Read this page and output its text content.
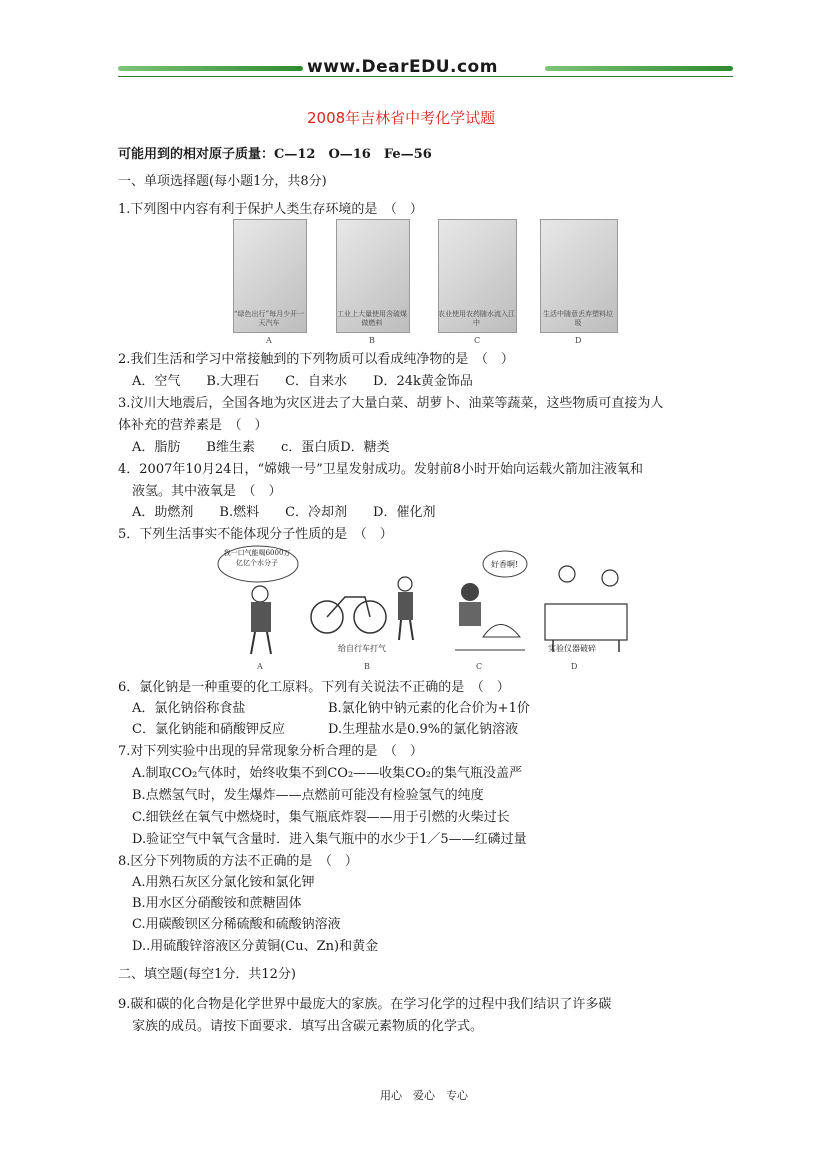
www.DearEDU.com
2008年吉林省中考化学试题
可能用到的相对原子质量：C—12　O—16　Fe—56
一、单项选择题(每小题1分，共8分)
1.下列图中内容有利于保护人类生存环境的是　（　）
“绿色出行”每月少开一天汽车
工业上大量使用含硫煤做燃料
农业使用农药随水流入江中
生活中随意丢弃塑料垃圾
A	B	C	D
2.我们生活和学习中常接触到的下列物质可以看成纯净物的是　（　）
A．空气　　B.大理石　　C．自来水　　D．24k黄金饰品
3.汶川大地震后，全国各地为灾区进去了大量白菜、胡萝卜、油菜等蔬菜，这些物质可直接为人
体补充的营养素是　（　）
A．脂肪　　B维生素　　c．蛋白质D．糖类
4．2007年10月24日，“嫦娥一号”卫星发射成功。发射前8小时开始向运载火箭加注液氧和
液氢。其中液氧是　（　）
A．助燃剂　　B.燃料　　C．冷却剂　　D．催化剂
5．下列生活事实不能体现分子性质的是　（　）
我一口气能喝6000万亿亿个水分子	好香啊!
给自行车打气	实验仪器破碎
A	B	C	D
6．氯化钠是一种重要的化工原料。下列有关说法不正确的是　（　）
A．氯化钠俗称食盐	B.氯化钠中钠元素的化合价为+1价
C．氯化钠能和硝酸钾反应	D.生理盐水是0.9%的氯化钠溶液
7.对下列实验中出现的异常现象分析合理的是　（　）
A.制取CO₂气体时，始终收集不到CO₂——收集CO₂的集气瓶没盖严
B.点燃氢气时，发生爆炸——点燃前可能没有检验氢气的纯度
C.细铁丝在氧气中燃烧时，集气瓶底炸裂——用于引燃的火柴过长
D.验证空气中氧气含量时．进入集气瓶中的水少于1／5——红磷过量
8.区分下列物质的方法不正确的是　（　）
A.用熟石灰区分氯化铵和氯化钾
B.用水区分硝酸铵和蔗糖固体
C.用碳酸钡区分稀硫酸和硫酸钠溶液
D..用硫酸锌溶液区分黄铜(Cu、Zn)和黄金
二、填空题(每空1分．共12分)
9.碳和碳的化合物是化学世界中最庞大的家族。在学习化学的过程中我们结识了许多碳
家族的成员。请按下面要求．填写出含碳元素物质的化学式。
用心　爱心　专心
